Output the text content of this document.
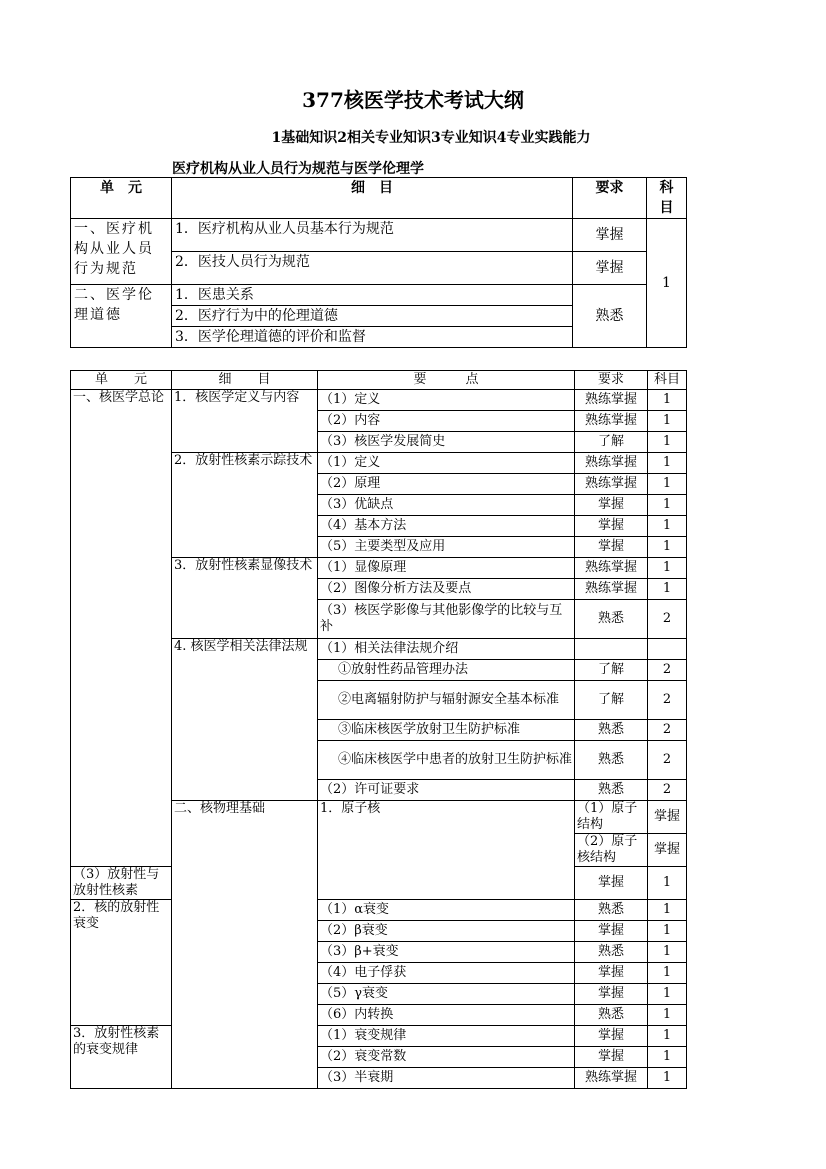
377核医学技术考试大纲
1基础知识2相关专业知识3专业知识4专业实践能力
医疗机构从业人员行为规范与医学伦理学
单　元	细　目	要求	科目
一、医疗机构从业人员行为规范	1．医疗机构从业人员基本行为规范	掌握	1
	2．医技人员行为规范	掌握	
二、医学伦理道德	1．医患关系	熟悉	
	2．医疗行为中的伦理道德		
	3．医学伦理道德的评价和监督		
单　　元	细　　目	要　　　点	要求	科目	
一、核医学总论	1．核医学定义与内容	（1）定义	熟练掌握	1	
		（2）内容	熟练掌握	1	
		（3）核医学发展简史	了解	1	
	2．放射性核素示踪技术	（1）定义	熟练掌握	1	
		（2）原理	熟练掌握	1	
		（3）优缺点	掌握	1	
		（4）基本方法	掌握	1	
		（5）主要类型及应用	掌握	1	
	3．放射性核素显像技术	（1）显像原理	熟练掌握	1	
		（2）图像分析方法及要点	熟练掌握	1	
		（3）核医学影像与其他影像学的比较与互补	熟悉	2	
	4. 核医学相关法律法规	（1）相关法律法规介绍			
		①放射性药品管理办法	了解	2	
		②电离辐射防护与辐射源安全基本标准	了解	2	
		③临床核医学放射卫生防护标准	熟悉	2	
		④临床核医学中患者的放射卫生防护标准	熟悉	2	
		（2）许可证要求	熟悉	2	
	二、核物理基础	1．原子核	（1）原子结构	掌握	
			（2）原子核结构	掌握	
（3）放射性与放射性核素			掌握	1	
2．核的放射性衰变		（1）α衰变	熟悉	1	
		（2）β衰变	掌握	1	
		（3）β+衰变	熟悉	1	
		（4）电子俘获	掌握	1	
		（5）γ衰变	掌握	1	
		（6）内转换	熟悉	1	
3．放射性核素的衰变规律		（1）衰变规律	掌握	1	
		（2）衰变常数	掌握	1	
		（3）半衰期	熟练掌握	1	
